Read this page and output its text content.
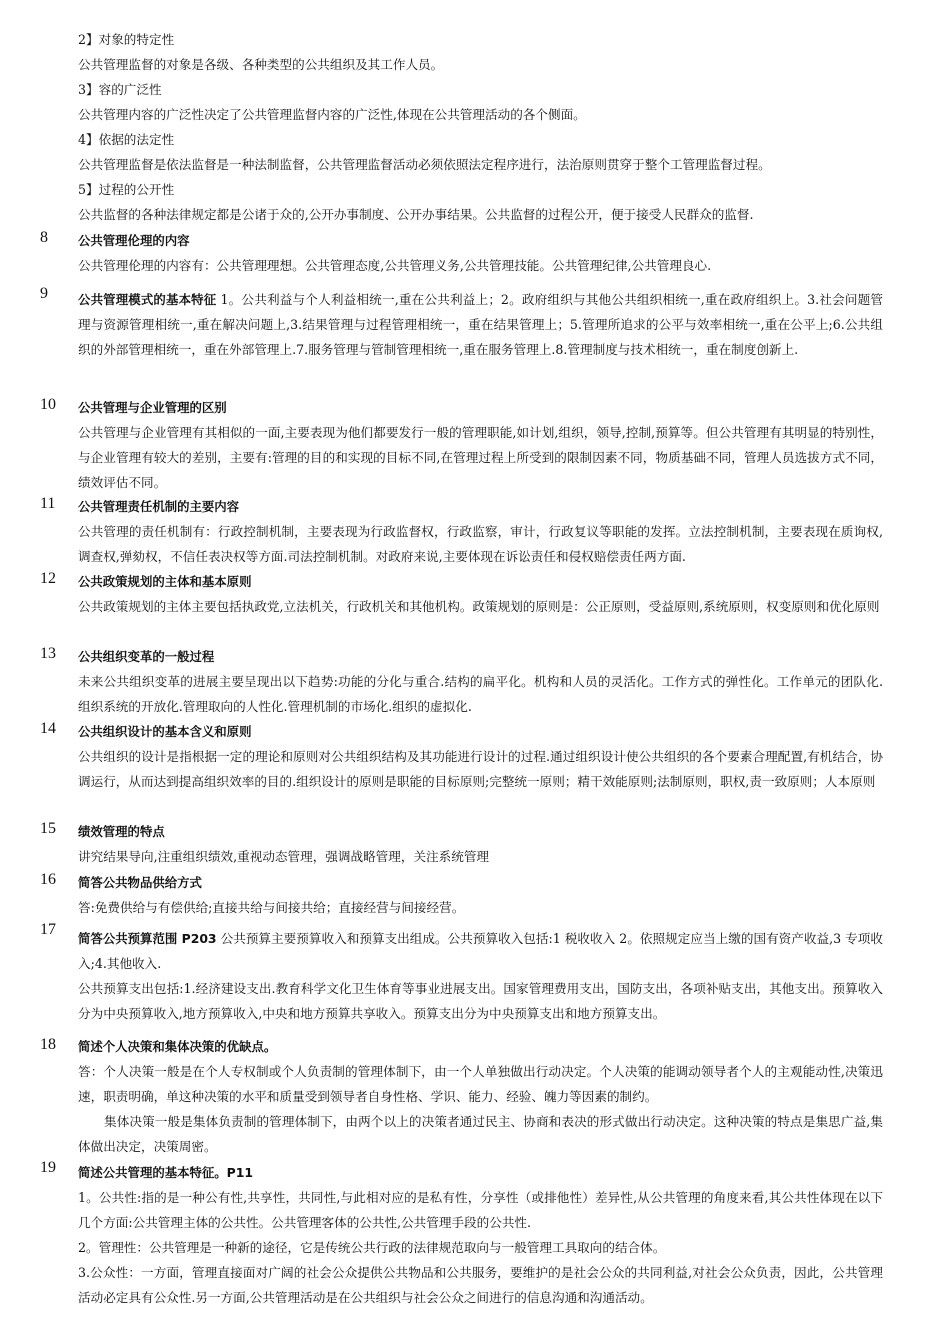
2】对象的特定性
公共管理监督的对象是各级、各种类型的公共组织及其工作人员。
3】容的广泛性
公共管理内容的广泛性决定了公共管理监督内容的广泛性,体现在公共管理活动的各个侧面。
4】依据的法定性
公共管理监督是依法监督是一种法制监督，公共管理监督活动必须依照法定程序进行，法治原则贯穿于整个工管理监督过程。
5】过程的公开性
公共监督的各种法律规定都是公诸于众的,公开办事制度、公开办事结果。公共监督的过程公开，便于接受人民群众的监督.
8 公共管理伦理的内容
公共管理伦理的内容有：公共管理理想。公共管理态度,公共管理义务,公共管理技能。公共管理纪律,公共管理良心.
9 公共管理模式的基本特征 1。公共利益与个人利益相统一,重在公共利益上；2。政府组织与其他公共组织相统一,重在政府组织上。3.社会问题管理与资源管理相统一,重在解决问题上,3.结果管理与过程管理相统一，重在结果管理上；5.管理所追求的公平与效率相统一,重在公平上;6.公共组织的外部管理相统一，重在外部管理上.7.服务管理与管制管理相统一,重在服务管理上.8.管理制度与技术相统一，重在制度创新上.
10 公共管理与企业管理的区别
公共管理与企业管理有其相似的一面,主要表现为他们都要发行一般的管理职能,如计划,组织，领导,控制,预算等。但公共管理有其明显的特别性，与企业管理有较大的差别，主要有:管理的目的和实现的目标不同,在管理过程上所受到的限制因素不同，物质基础不同，管理人员选拔方式不同，绩效评估不同。
11 公共管理责任机制的主要内容
公共管理的责任机制有：行政控制机制，主要表现为行政监督权，行政监察，审计，行政复议等职能的发挥。立法控制机制，主要表现在质询权,调查权,弹劾权，不信任表决权等方面.司法控制机制。对政府来说,主要体现在诉讼责任和侵权赔偿责任两方面.
12 公共政策规划的主体和基本原则
公共政策规划的主体主要包括执政党,立法机关，行政机关和其他机构。政策规划的原则是：公正原则，受益原则,系统原则，权变原则和优化原则
13 公共组织变革的一般过程
未来公共组织变革的进展主要呈现出以下趋势:功能的分化与重合.结构的扁平化。机构和人员的灵活化。工作方式的弹性化。工作单元的团队化.组织系统的开放化.管理取向的人性化.管理机制的市场化.组织的虚拟化.
14 公共组织设计的基本含义和原则
公共组织的设计是指根据一定的理论和原则对公共组织结构及其功能进行设计的过程.通过组织设计使公共组织的各个要素合理配置,有机结合，协调运行，从而达到提高组织效率的目的.组织设计的原则是职能的目标原则;完整统一原则；精干效能原则;法制原则，职权,责一致原则；人本原则
15 绩效管理的特点
讲究结果导向,注重组织绩效,重视动态管理，强调战略管理，关注系统管理
16 简答公共物品供给方式
答:免费供给与有偿供给;直接共给与间接共给；直接经营与间接经营。
17
简答公共预算范围 P203 公共预算主要预算收入和预算支出组成。公共预算收入包括:1 税收收入 2。依照规定应当上缴的国有资产收益,3 专项收入;4.其他收入.
公共预算支出包括:1.经济建设支出.教育科学文化卫生体育等事业进展支出。国家管理费用支出，国防支出，各项补贴支出，其他支出。预算收入分为中央预算收入,地方预算收入,中央和地方预算共享收入。预算支出分为中央预算支出和地方预算支出。
18 简述个人决策和集体决策的优缺点。
答：个人决策一般是在个人专权制或个人负责制的管理体制下，由一个人单独做出行动决定。个人决策的能调动领导者个人的主观能动性,决策迅速，职责明确，单这种决策的水平和质量受到领导者自身性格、学识、能力、经验、魄力等因素的制约。
集体决策一般是集体负责制的管理体制下，由两个以上的决策者通过民主、协商和表决的形式做出行动决定。这种决策的特点是集思广益,集体做出决定，决策周密。
19 简述公共管理的基本特征。P11
1。公共性:指的是一种公有性,共享性，共同性,与此相对应的是私有性，分享性（或排他性）差异性,从公共管理的角度来看,其公共性体现在以下几个方面:公共管理主体的公共性。公共管理客体的公共性,公共管理手段的公共性.
2。管理性：公共管理是一种新的途径，它是传统公共行政的法律规范取向与一般管理工具取向的结合体。
3.公众性：一方面，管理直接面对广阔的社会公众提供公共物品和公共服务，要维护的是社会公众的共同利益,对社会公众负责，因此，公共管理活动必定具有公众性.另一方面,公共管理活动是在公共组织与社会公众之间进行的信息沟通和沟通活动。
